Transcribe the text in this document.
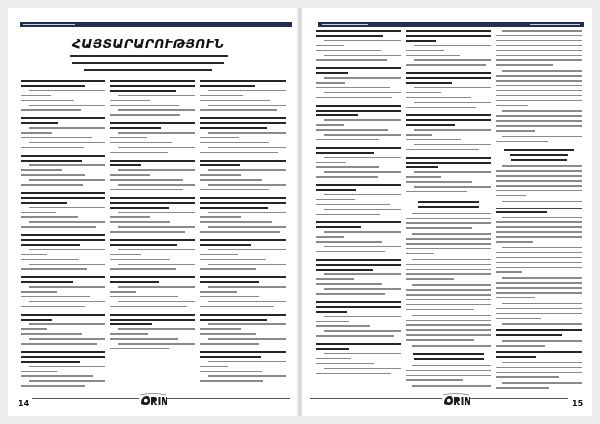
ՀԱՅՏԱՐԱՐՈՒԹՅՈՒՆ
14	15
